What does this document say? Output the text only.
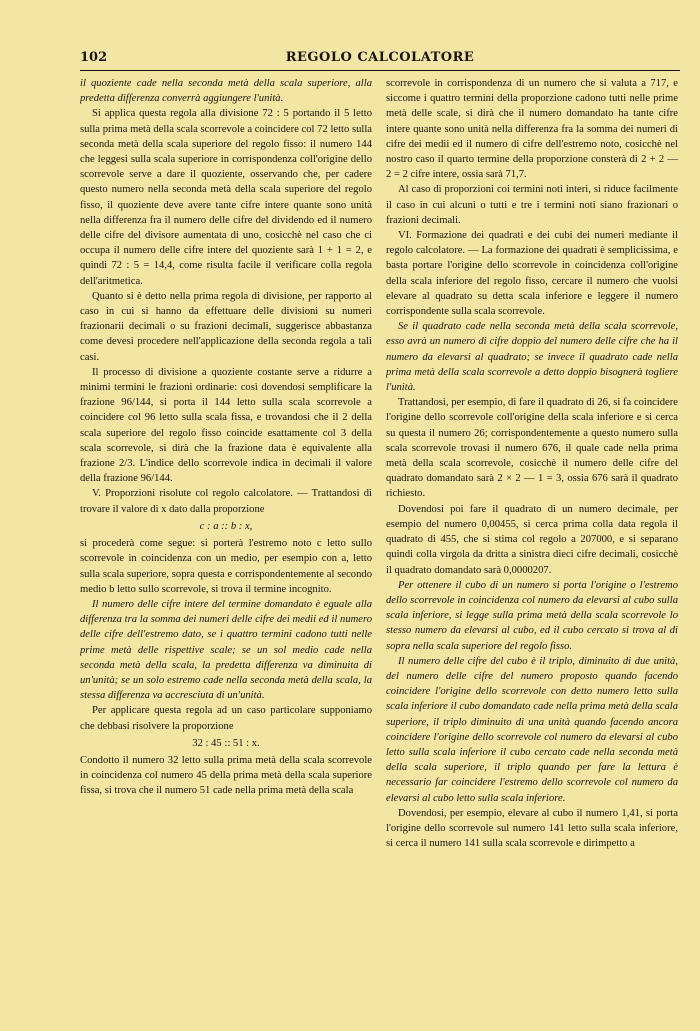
102	REGOLO CALCOLATORE

il quoziente cade nella seconda metà della scala superiore, alla predetta differenza converrà aggiungere l'unità.

Si applica questa regola alla divisione 72 : 5 portando il 5 letto sulla prima metà della scala scorrevole a coincidere col 72 letto sulla seconda metà della scala superiore del regolo fisso: il numero 144 che leggesi sulla scala superiore in corrispondenza coll'origine dello scorrevole serve a dare il quoziente, osservando che, per cadere questo numero nella seconda metà della scala superiore del regolo fisso, il quoziente deve avere tante cifre intere quante sono unità nella differenza fra il numero delle cifre del dividendo ed il numero delle cifre del divisore aumentata di uno, cosicchè nel caso che ci occupa il numero delle cifre intere del quoziente sarà 1 + 1 = 2, e quindi 72 : 5 = 14,4, come risulta facile il verificare colla regola dell'aritmetica.

Quanto si è detto nella prima regola di divisione, per rapporto al caso in cui si hanno da effettuare delle divisioni su numeri frazionarii decimali o su frazioni decimali, suggerisce abbastanza come devesi procedere nell'applicazione della seconda regola a tali casi.

Il processo di divisione a quoziente costante serve a ridurre a minimi termini le frazioni ordinarie: così dovendosi semplificare la frazione 96/144, si porta il 144 letto sulla scala scorrevole a coincidere col 96 letto sulla scala fissa, e trovandosi che il 2 della scala superiore del regolo fisso coincide esattamente col 3 della scala scorrevole, si dirà che la frazione data è equivalente alla frazione 2/3. L'indice dello scorrevole indica in decimali il valore della frazione 96/144.

V. Proporzioni risolute col regolo calcolatore. — Trattandosi di trovare il valore di x dato dalla proporzione

c : a :: b : x,

si procederà come segue: si porterà l'estremo noto c letto sullo scorrevole in coincidenza con un medio, per esempio con a, letto sulla scala superiore, sopra questa e corrispondentemente al secondo medio b letto sullo scorrevole, si trova il termine incognito.

Il numero delle cifre intere del termine domandato è eguale alla differenza tra la somma dei numeri delle cifre dei medii ed il numero delle cifre dell'estremo dato, se i quattro termini cadono tutti nelle prime metà delle rispettive scale; se un sol medio cade nella seconda metà della scala, la predetta differenza va diminuita di un'unità; se un solo estremo cade nella seconda metà della scala, la stessa differenza va accresciuta di un'unità.

Per applicare questa regola ad un caso particolare supponiamo che debbasi risolvere la proporzione

32 : 45 :: 51 : x.

Condotto il numero 32 letto sulla prima metà della scala scorrevole in coincidenza col numero 45 della prima metà della scala superiore fissa, si trova che il numero 51 cade nella prima metà della scala

scorrevole in corrispondenza di un numero che si valuta a 717, e siccome i quattro termini della proporzione cadono tutti nelle prime metà delle scale, si dirà che il numero domandato ha tante cifre intere quante sono unità nella differenza fra la somma dei numeri di cifre dei medii ed il numero di cifre dell'estremo noto, cosicchè nel nostro caso il quarto termine della proporzione consterà di 2 + 2 — 2 = 2 cifre intere, ossia sarà 71,7.

Al caso di proporzioni coi termini noti interi, si riduce facilmente il caso in cui alcuni o tutti e tre i termini noti siano frazionari o frazioni decimali.

VI. Formazione dei quadrati e dei cubi dei numeri mediante il regolo calcolatore. — La formazione dei quadrati è semplicissima, e basta portare l'origine dello scorrevole in coincidenza coll'origine della scala inferiore del regolo fisso, cercare il numero che vuolsi elevare al quadrato su detta scala inferiore e leggere il numero corrispondente sulla scala scorrevole.

Se il quadrato cade nella seconda metà della scala scorrevole, esso avrà un numero di cifre doppio del numero delle cifre che ha il numero da elevarsi al quadrato; se invece il quadrato cade nella prima metà della scala scorrevole a detto doppio bisognerà togliere l'unità.

Trattandosi, per esempio, di fare il quadrato di 26, si fa coincidere l'origine dello scorrevole coll'origine della scala inferiore e si cerca su questa il numero 26; corrispondentemente a questo numero sulla scala scorrevole trovasi il numero 676, il quale cade nella prima metà della scala scorrevole, cosicchè il numero delle cifre del quadrato domandato sarà 2 × 2 — 1 = 3, ossia 676 sarà il quadrato richiesto.

Dovendosi poi fare il quadrato di un numero decimale, per esempio del numero 0,00455, si cerca prima colla data regola il quadrato di 455, che si stima col regolo a 207000, e si separano quindi colla virgola da dritta a sinistra dieci cifre decimali, cosicchè il quadrato domandato sarà 0,0000207.

Per ottenere il cubo di un numero si porta l'origine o l'estremo dello scorrevole in coincidenza col numero da elevarsi al cubo sulla scala inferiore, si legge sulla prima metà della scala scorrevole lo stesso numero da elevarsi al cubo, ed il cubo cercato si trova al di sopra nella scala superiore del regolo fisso.

Il numero delle cifre del cubo è il triplo, diminuito di due unità, del numero delle cifre del numero proposto quando facendo coincidere l'origine dello scorrevole con detto numero letto sulla scala inferiore il cubo domandato cade nella prima metà della scala superiore, il triplo diminuito di una unità quando facendo ancora coincidere l'origine dello scorrevole col numero da elevarsi al cubo letto sulla scala inferiore il cubo cercato cade nella seconda metà della scala superiore, il triplo quando per fare la lettura è necessario far coincidere l'estremo dello scorrevole col numero da elevarsi al cubo letto sulla scala inferiore.

Dovendosi, per esempio, elevare al cubo il numero 1,41, si porta l'origine dello scorrevole sul numero 141 letto sulla scala inferiore, si cerca il numero 141 sulla scala scorrevole e dirimpetto a
